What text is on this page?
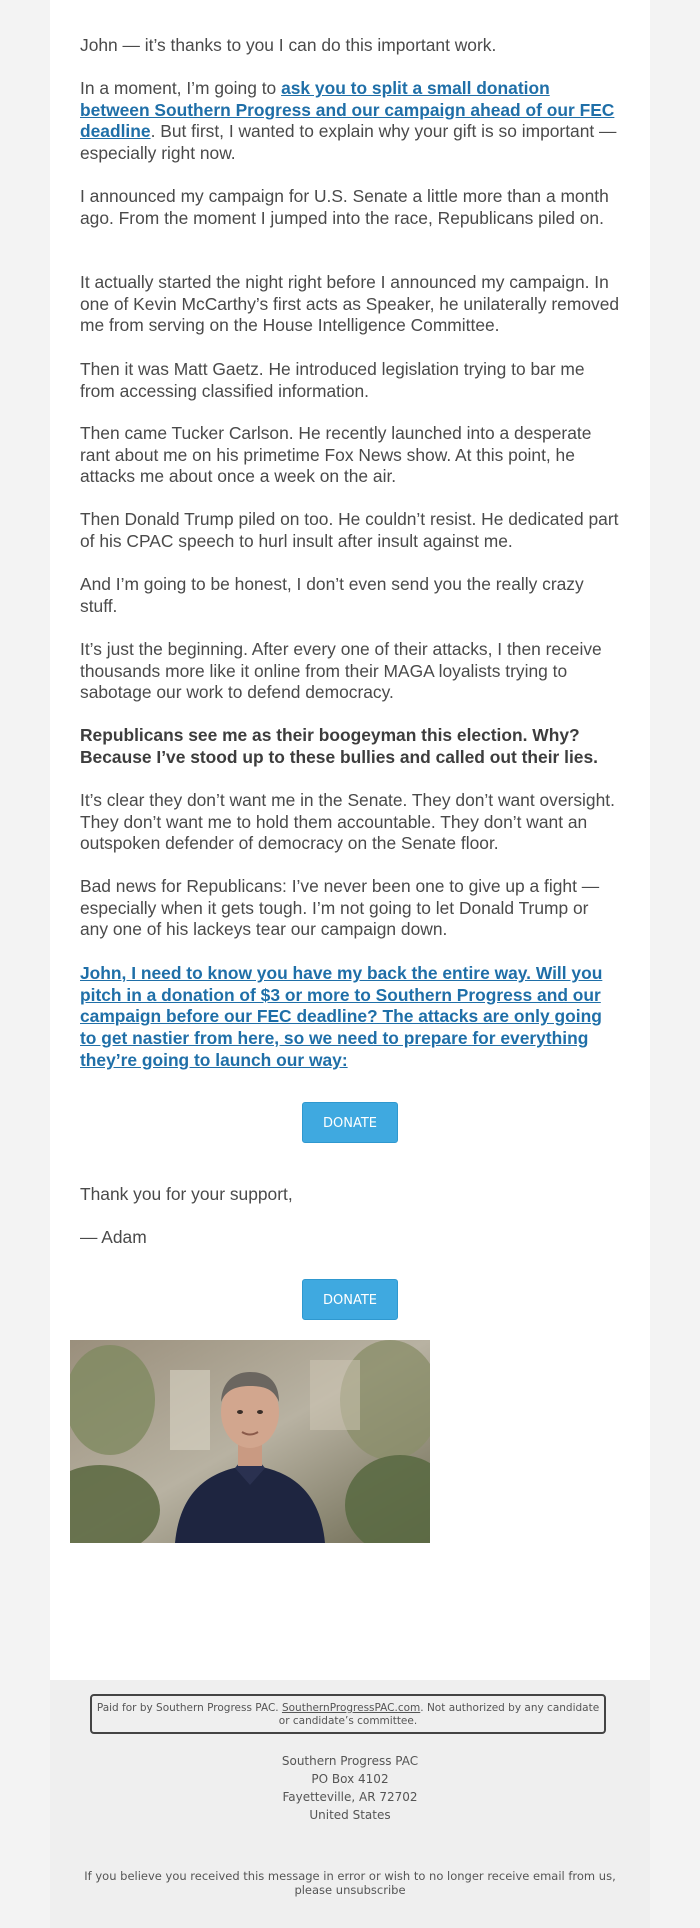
John — it’s thanks to you I can do this important work.

In a moment, I’m going to ask you to split a small donation between Southern Progress and our campaign ahead of our FEC deadline. But first, I wanted to explain why your gift is so important — especially right now.

I announced my campaign for U.S. Senate a little more than a month ago. From the moment I jumped into the race, Republicans piled on.

It actually started the night right before I announced my campaign. In one of Kevin McCarthy’s first acts as Speaker, he unilaterally removed me from serving on the House Intelligence Committee.

Then it was Matt Gaetz. He introduced legislation trying to bar me from accessing classified information.

Then came Tucker Carlson. He recently launched into a desperate rant about me on his primetime Fox News show. At this point, he attacks me about once a week on the air.

Then Donald Trump piled on too. He couldn’t resist. He dedicated part of his CPAC speech to hurl insult after insult against me.

And I’m going to be honest, I don’t even send you the really crazy stuff.

It’s just the beginning. After every one of their attacks, I then receive thousands more like it online from their MAGA loyalists trying to sabotage our work to defend democracy.

Republicans see me as their boogeyman this election. Why? Because I’ve stood up to these bullies and called out their lies.

It’s clear they don’t want me in the Senate. They don’t want oversight. They don’t want me to hold them accountable. They don’t want an outspoken defender of democracy on the Senate floor.

Bad news for Republicans: I’ve never been one to give up a fight — especially when it gets tough. I’m not going to let Donald Trump or any one of his lackeys tear our campaign down.

John, I need to know you have my back the entire way. Will you pitch in a donation of $3 or more to Southern Progress and our campaign before our FEC deadline? The attacks are only going to get nastier from here, so we need to prepare for everything they’re going to launch our way:

Thank you for your support,

— Adam

DONATE
DONATE
Paid for by Southern Progress PAC. SouthernProgressPAC.com. Not authorized by any candidate or candidate’s committee.
Southern Progress PAC
PO Box 4102
Fayetteville, AR 72702
United States
If you believe you received this message in error or wish to no longer receive email from us, please unsubscribe
